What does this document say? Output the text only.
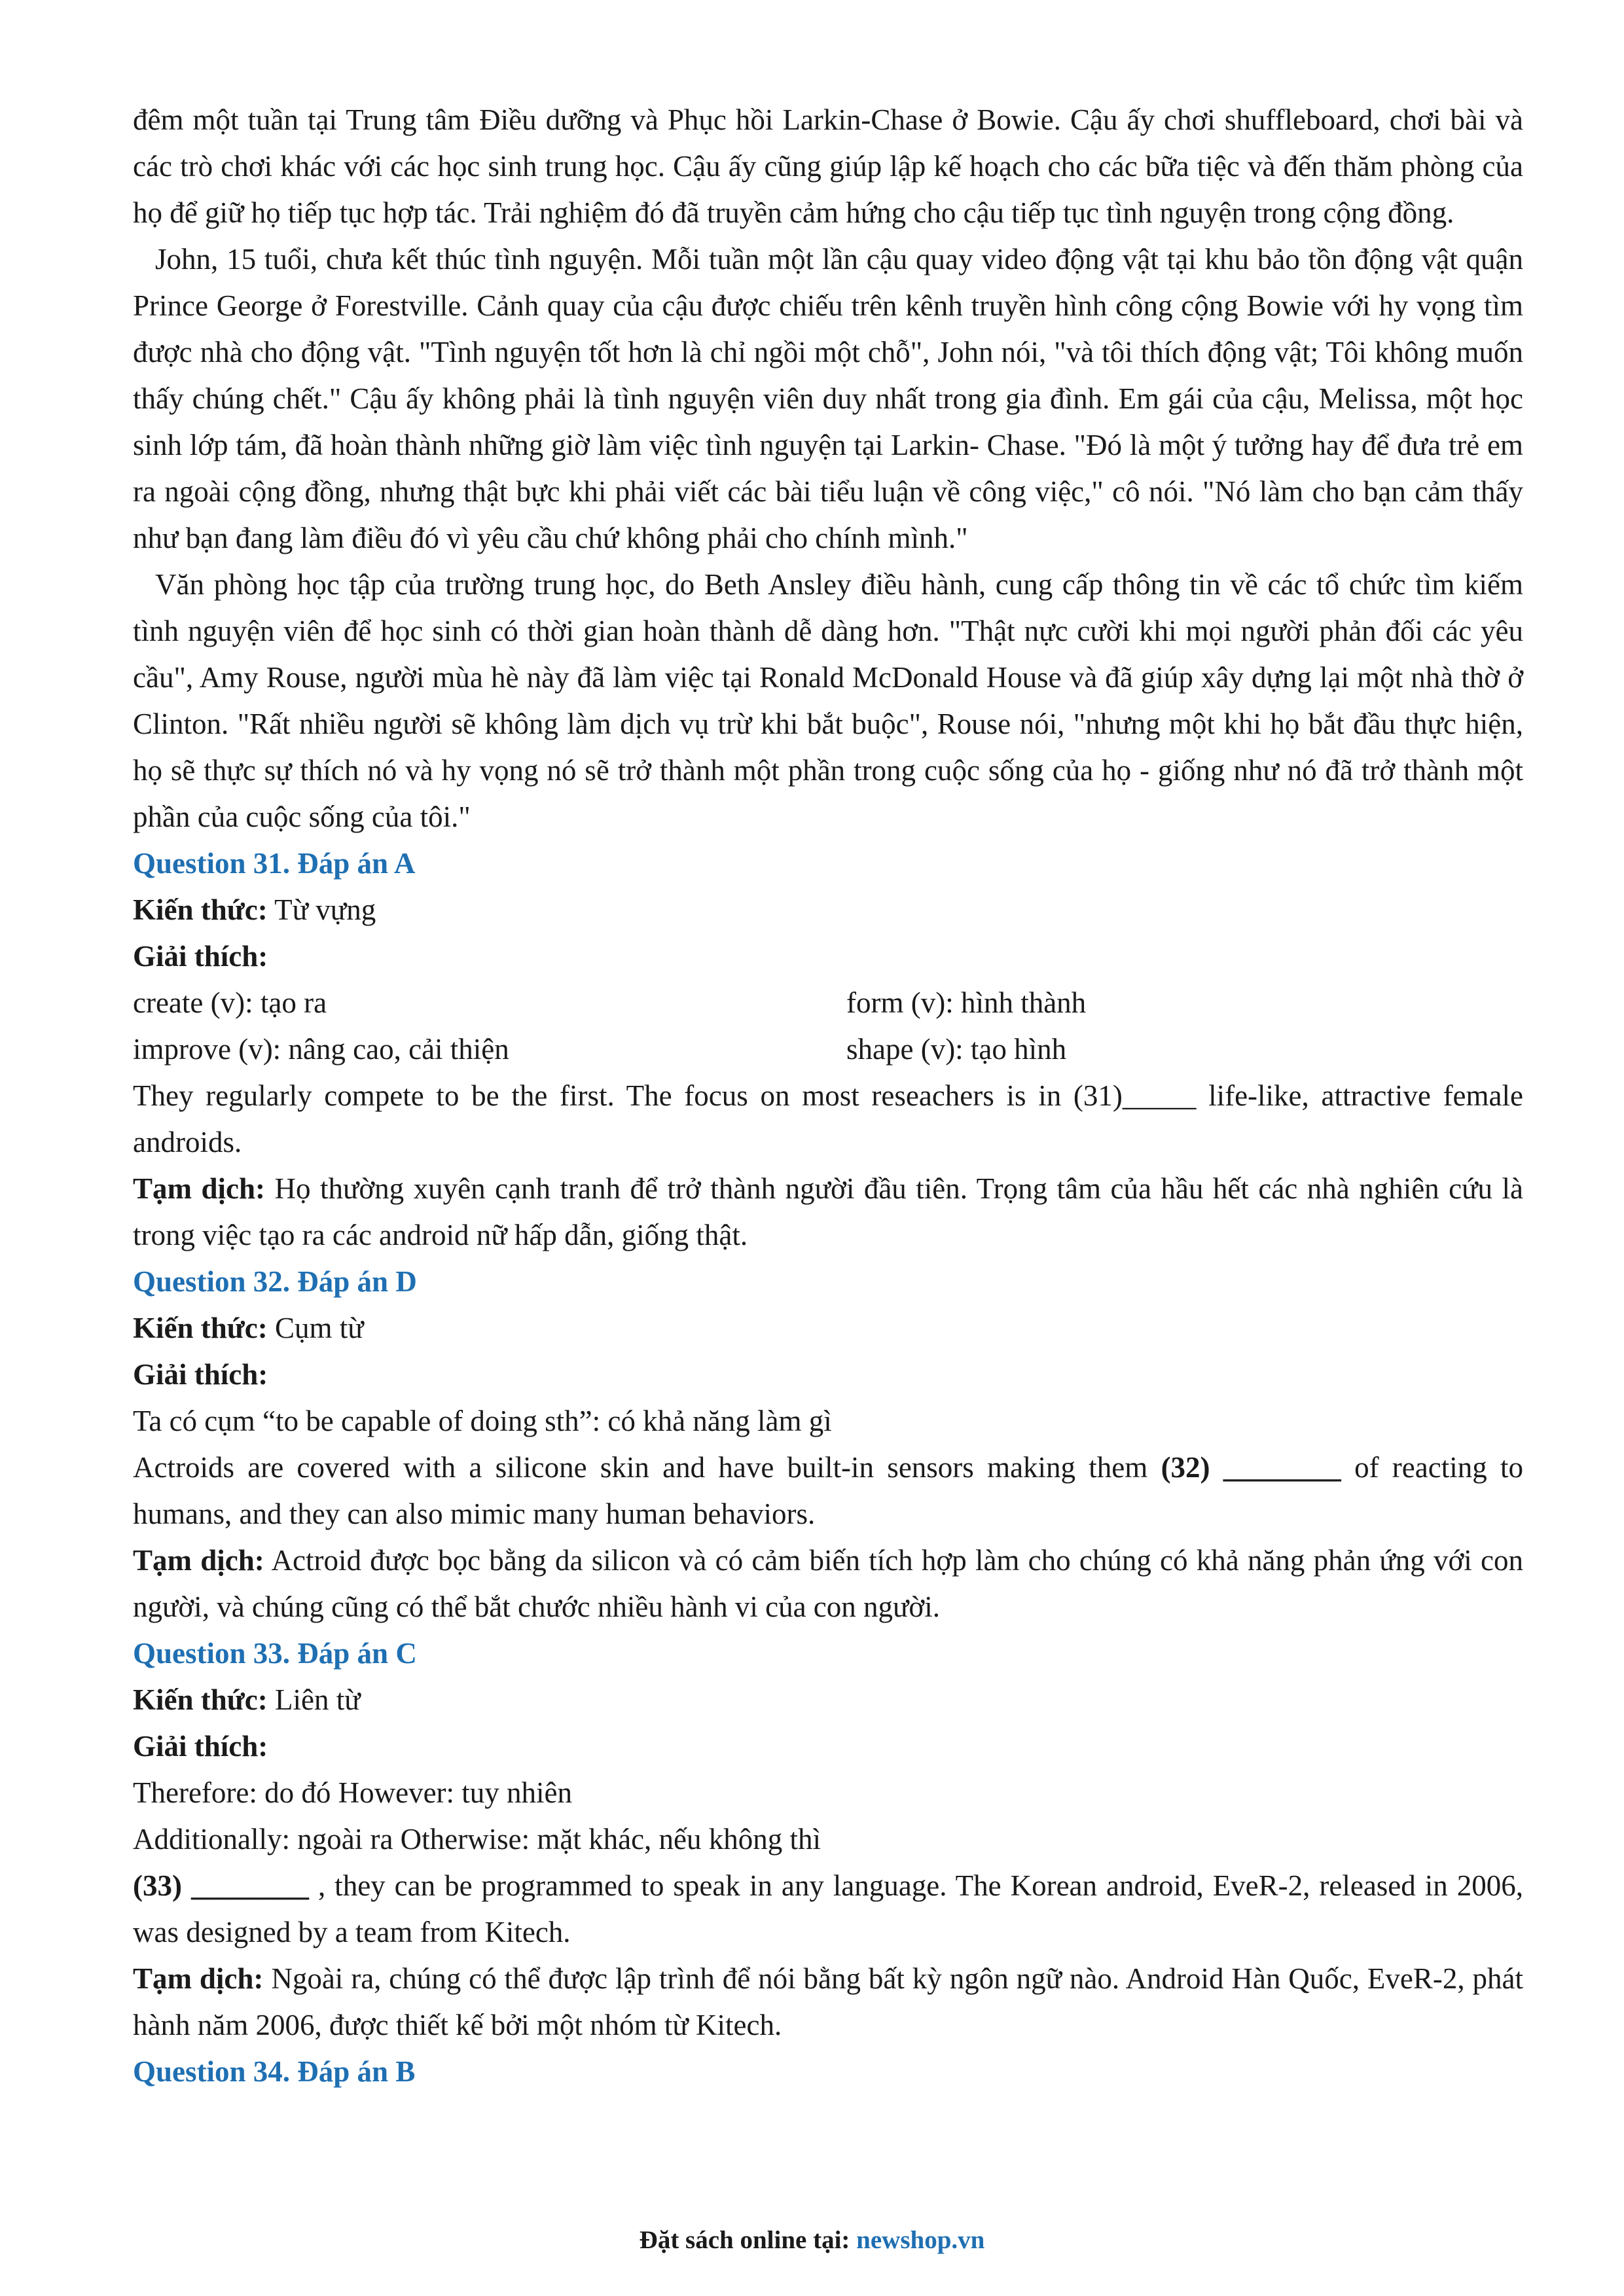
đêm một tuần tại Trung tâm Điều dưỡng và Phục hồi Larkin-Chase ở Bowie. Cậu ấy chơi shuffleboard, chơi bài và các trò chơi khác với các học sinh trung học. Cậu ấy cũng giúp lập kế hoạch cho các bữa tiệc và đến thăm phòng của họ để giữ họ tiếp tục hợp tác. Trải nghiệm đó đã truyền cảm hứng cho cậu tiếp tục tình nguyện trong cộng đồng.

John, 15 tuổi, chưa kết thúc tình nguyện. Mỗi tuần một lần cậu quay video động vật tại khu bảo tồn động vật quận Prince George ở Forestville. Cảnh quay của cậu được chiếu trên kênh truyền hình công cộng Bowie với hy vọng tìm được nhà cho động vật. "Tình nguyện tốt hơn là chỉ ngồi một chỗ", John nói, "và tôi thích động vật; Tôi không muốn thấy chúng chết." Cậu ấy không phải là tình nguyện viên duy nhất trong gia đình. Em gái của cậu, Melissa, một học sinh lớp tám, đã hoàn thành những giờ làm việc tình nguyện tại Larkin- Chase. "Đó là một ý tưởng hay để đưa trẻ em ra ngoài cộng đồng, nhưng thật bực khi phải viết các bài tiểu luận về công việc," cô nói. "Nó làm cho bạn cảm thấy như bạn đang làm điều đó vì yêu cầu chứ không phải cho chính mình."

Văn phòng học tập của trường trung học, do Beth Ansley điều hành, cung cấp thông tin về các tổ chức tìm kiếm tình nguyện viên để học sinh có thời gian hoàn thành dễ dàng hơn. "Thật nực cười khi mọi người phản đối các yêu cầu", Amy Rouse, người mùa hè này đã làm việc tại Ronald McDonald House và đã giúp xây dựng lại một nhà thờ ở Clinton. "Rất nhiều người sẽ không làm dịch vụ trừ khi bắt buộc", Rouse nói, "nhưng một khi họ bắt đầu thực hiện, họ sẽ thực sự thích nó và hy vọng nó sẽ trở thành một phần trong cuộc sống của họ - giống như nó đã trở thành một phần của cuộc sống của tôi."

Question 31. Đáp án A

Kiến thức: Từ vựng

Giải thích:

create (v): tạo ra	form (v): hình thành
improve (v): nâng cao, cải thiện	shape (v): tạo hình

They regularly compete to be the first. The focus on most reseachers is in (31)_____ life-like, attractive female androids.

Tạm dịch: Họ thường xuyên cạnh tranh để trở thành người đầu tiên. Trọng tâm của hầu hết các nhà nghiên cứu là trong việc tạo ra các android nữ hấp dẫn, giống thật.

Question 32. Đáp án D

Kiến thức: Cụm từ

Giải thích:

Ta có cụm “to be capable of doing sth”: có khả năng làm gì

Actroids are covered with a silicone skin and have built-in sensors making them (32) ________ of reacting to humans, and they can also mimic many human behaviors.

Tạm dịch: Actroid được bọc bằng da silicon và có cảm biến tích hợp làm cho chúng có khả năng phản ứng với con người, và chúng cũng có thể bắt chước nhiều hành vi của con người.

Question 33. Đáp án C

Kiến thức: Liên từ

Giải thích:

Therefore: do đó However: tuy nhiên

Additionally: ngoài ra Otherwise: mặt khác, nếu không thì

(33) ________ , they can be programmed to speak in any language. The Korean android, EveR-2, released in 2006, was designed by a team from Kitech.

Tạm dịch: Ngoài ra, chúng có thể được lập trình để nói bằng bất kỳ ngôn ngữ nào. Android Hàn Quốc, EveR-2, phát hành năm 2006, được thiết kế bởi một nhóm từ Kitech.

Question 34. Đáp án B

Đặt sách online tại: newshop.vn
